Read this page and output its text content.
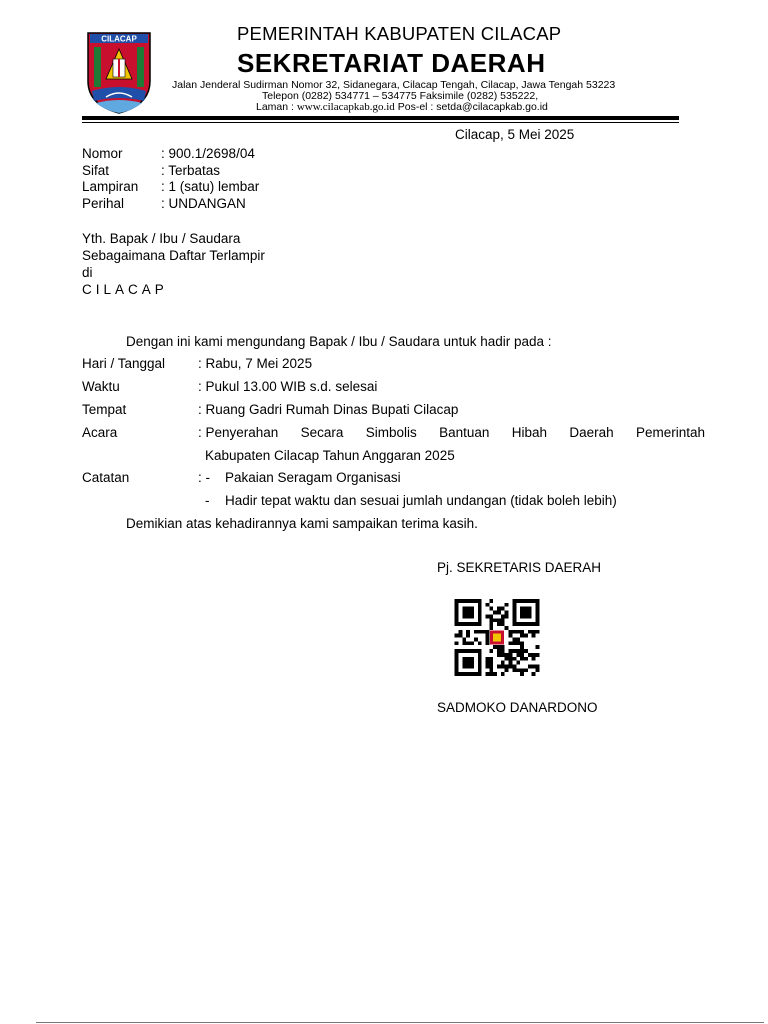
CILACAP	PEMERINTAH KABUPATEN CILACAP
SEKRETARIAT DAERAH
Jalan Jenderal Sudirman Nomor 32, Sidanegara, Cilacap Tengah, Cilacap, Jawa Tengah 53223
Telepon (0282) 534771 – 534775 Faksimile (0282) 535222,
Laman : www.cilacapkab.go.id Pos-el : setda@cilacapkab.go.id
Cilacap, 5 Mei 2025
Nomor	: 900.1/2698/04
Sifat	: Terbatas
Lampiran : 1 (satu) lembar
Perihal	: UNDANGAN
Yth. Bapak / Ibu / Saudara
Sebagaimana Daftar Terlampir
di
CILACAP
Dengan ini kami mengundang Bapak / Ibu / Saudara untuk hadir pada :
Hari / Tanggal : Rabu, 7 Mei 2025
Waktu	: Pukul 13.00 WIB s.d. selesai
Tempat	: Ruang Gadri Rumah Dinas Bupati Cilacap
Acara	: Penyerahan Secara Simbolis Bantuan Hibah Daerah Pemerintah
Kabupaten Cilacap Tahun Anggaran 2025
Catatan	: - Pakaian Seragam Organisasi
- Hadir tepat waktu dan sesuai jumlah undangan (tidak boleh lebih)
Demikian atas kehadirannya kami sampaikan terima kasih.
Pj. SEKRETARIS DAERAH
SADMOKO DANARDONO
